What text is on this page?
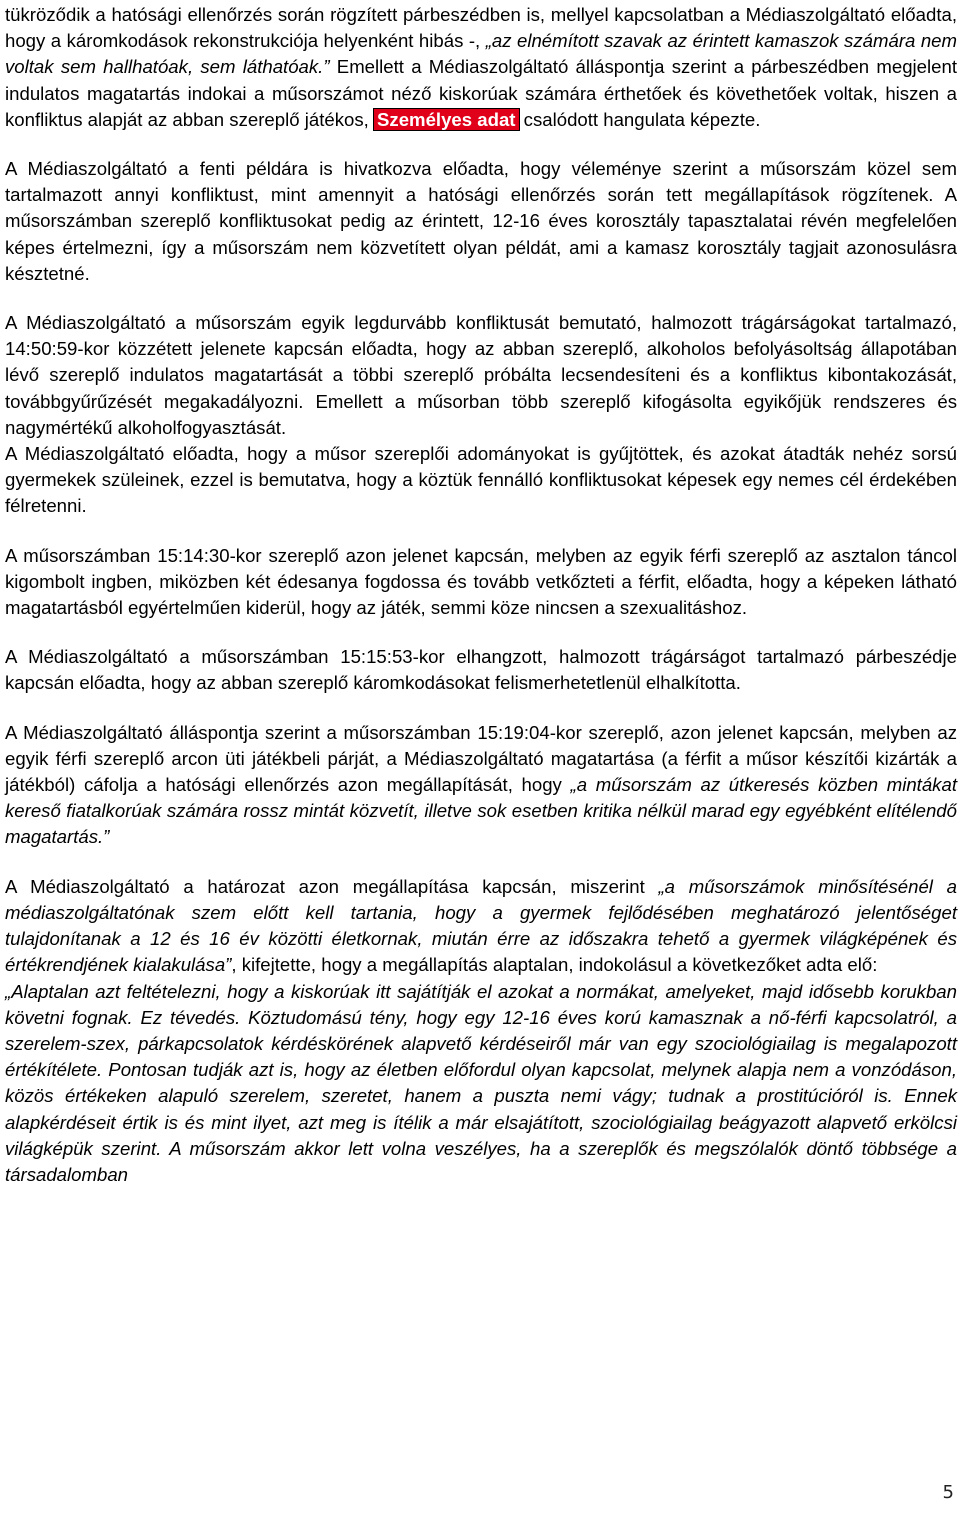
tükröződik a hatósági ellenőrzés során rögzített párbeszédben is, mellyel kapcsolatban a Médiaszolgáltató előadta, hogy a káromkodások rekonstrukciója helyenként hibás -, „az elnémított szavak az érintett kamaszok számára nem voltak sem hallhatóak, sem láthatóak.” Emellett a Médiaszolgáltató álláspontja szerint a párbeszédben megjelent indulatos magatartás indokai a műsorszámot néző kiskorúak számára érthetőek és követhetőek voltak, hiszen a konfliktus alapját az abban szereplő játékos, Személyes adat csalódott hangulata képezte.

A Médiaszolgáltató a fenti példára is hivatkozva előadta, hogy véleménye szerint a műsorszám közel sem tartalmazott annyi konfliktust, mint amennyit a hatósági ellenőrzés során tett megállapítások rögzítenek. A műsorszámban szereplő konfliktusokat pedig az érintett, 12-16 éves korosztály tapasztalatai révén megfelelően képes értelmezni, így a műsorszám nem közvetített olyan példát, ami a kamasz korosztály tagjait azonosulásra késztetné.

A Médiaszolgáltató a műsorszám egyik legdurvább konfliktusát bemutató, halmozott trágárságokat tartalmazó, 14:50:59-kor közzétett jelenete kapcsán előadta, hogy az abban szereplő, alkoholos befolyásoltság állapotában lévő szereplő indulatos magatartását a többi szereplő próbálta lecsendesíteni és a konfliktus kibontakozását, továbbgyűrűzését megakadályozni. Emellett a műsorban több szereplő kifogásolta egyikőjük rendszeres és nagymértékű alkoholfogyasztását.

A Médiaszolgáltató előadta, hogy a műsor szereplői adományokat is gyűjtöttek, és azokat átadták nehéz sorsú gyermekek szüleinek, ezzel is bemutatva, hogy a köztük fennálló konfliktusokat képesek egy nemes cél érdekében félretenni.

A műsorszámban 15:14:30-kor szereplő azon jelenet kapcsán, melyben az egyik férfi szereplő az asztalon táncol kigombolt ingben, miközben két édesanya fogdossa és tovább vetkőzteti a férfit, előadta, hogy a képeken látható magatartásból egyértelműen kiderül, hogy az játék, semmi köze nincsen a szexualitáshoz.

A Médiaszolgáltató a műsorszámban 15:15:53-kor elhangzott, halmozott trágárságot tartalmazó párbeszédje kapcsán előadta, hogy az abban szereplő káromkodásokat felismerhetetlenül elhalkította.

A Médiaszolgáltató álláspontja szerint a műsorszámban 15:19:04-kor szereplő, azon jelenet kapcsán, melyben az egyik férfi szereplő arcon üti játékbeli párját, a Médiaszolgáltató magatartása (a férfit a műsor készítői kizárták a játékból) cáfolja a hatósági ellenőrzés azon megállapítását, hogy „a műsorszám az útkeresés közben mintákat kereső fiatalkorúak számára rossz mintát közvetít, illetve sok esetben kritika nélkül marad egy egyébként elítélendő magatartás.”

A Médiaszolgáltató a határozat azon megállapítása kapcsán, miszerint „a műsorszámok minősítésénél a médiaszolgáltatónak szem előtt kell tartania, hogy a gyermek fejlődésében meghatározó jelentőséget tulajdonítanak a 12 és 16 év közötti életkornak, miután érre az időszakra tehető a gyermek világképének és értékrendjének kialakulása”, kifejtette, hogy a megállapítás alaptalan, indokolásul a következőket adta elő:

„Alaptalan azt feltételezni, hogy a kiskorúak itt sajátítják el azokat a normákat, amelyeket, majd idősebb korukban követni fognak. Ez tévedés. Köztudomású tény, hogy egy 12-16 éves korú kamasznak a nő-férfi kapcsolatról, a szerelem-szex, párkapcsolatok kérdéskörének alapvető kérdéseiről már van egy szociológiailag is megalapozott értékítélete. Pontosan tudják azt is, hogy az életben előfordul olyan kapcsolat, melynek alapja nem a vonzódáson, közös értékeken alapuló szerelem, szeretet, hanem a puszta nemi vágy; tudnak a prostitúcióról is. Ennek alapkérdéseit értik is és mint ilyet, azt meg is ítélik a már elsajátított, szociológiailag beágyazott alapvető erkölcsi világképük szerint. A műsorszám akkor lett volna veszélyes, ha a szereplők és megszólalók döntő többsége a társadalomban

5
